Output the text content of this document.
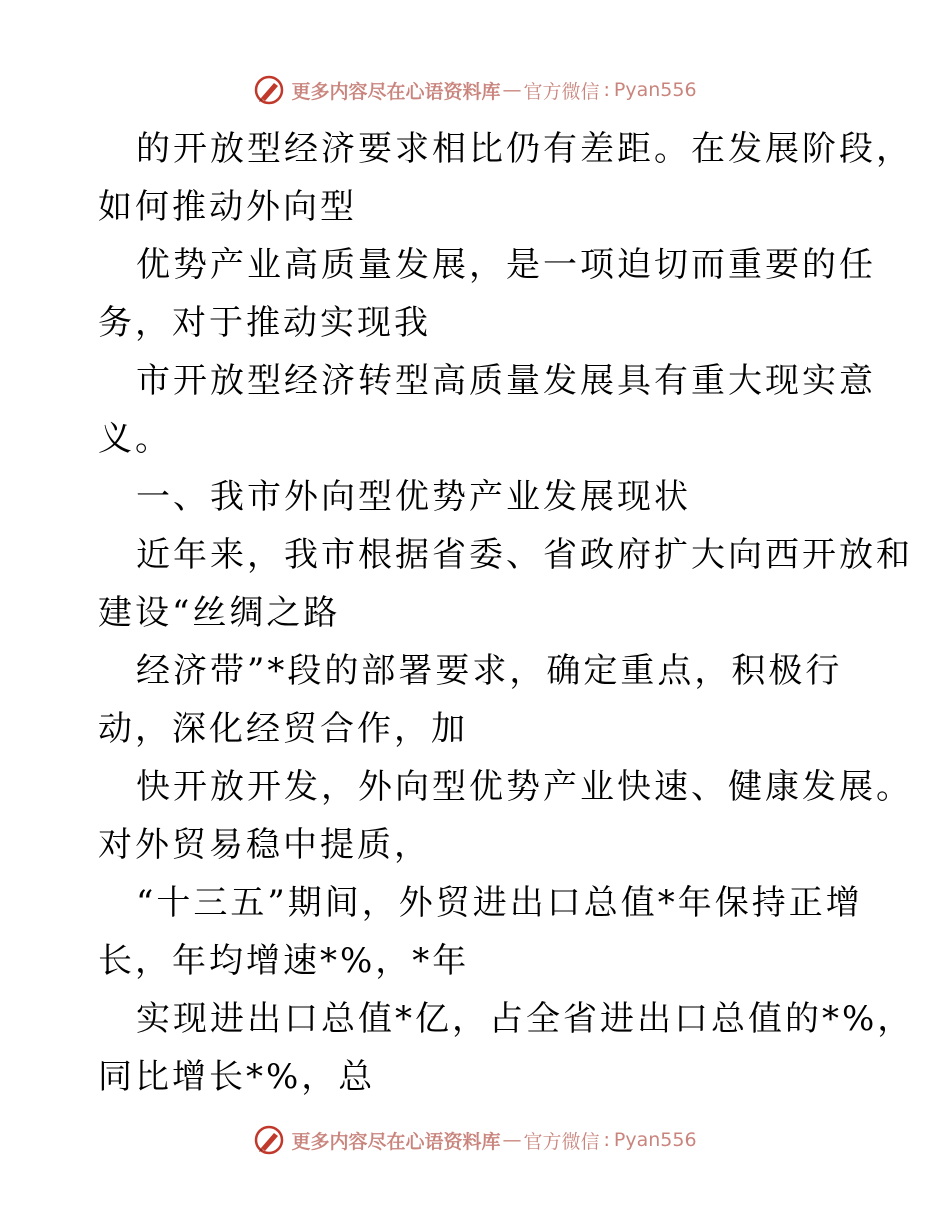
更多内容尽在心语资料库 — 官方微信 : Pyan556

的开放型经济要求相比仍有差距。在发展阶段，

如何推动外向型

优势产业高质量发展，是一项迫切而重要的任

务，对于推动实现我

市开放型经济转型高质量发展具有重大现实意

义。

一、我市外向型优势产业发展现状

近年来，我市根据省委、省政府扩大向西开放和

建设“丝绸之路

经济带”*段的部署要求，确定重点，积极行

动，深化经贸合作，加

快开放开发，外向型优势产业快速、健康发展。

对外贸易稳中提质，

“十三五”期间，外贸进出口总值*年保持正增

长，年均增速*%，*年

实现进出口总值*亿，占全省进出口总值的*%，

同比增长*%，总

更多内容尽在心语资料库 — 官方微信 : Pyan556
